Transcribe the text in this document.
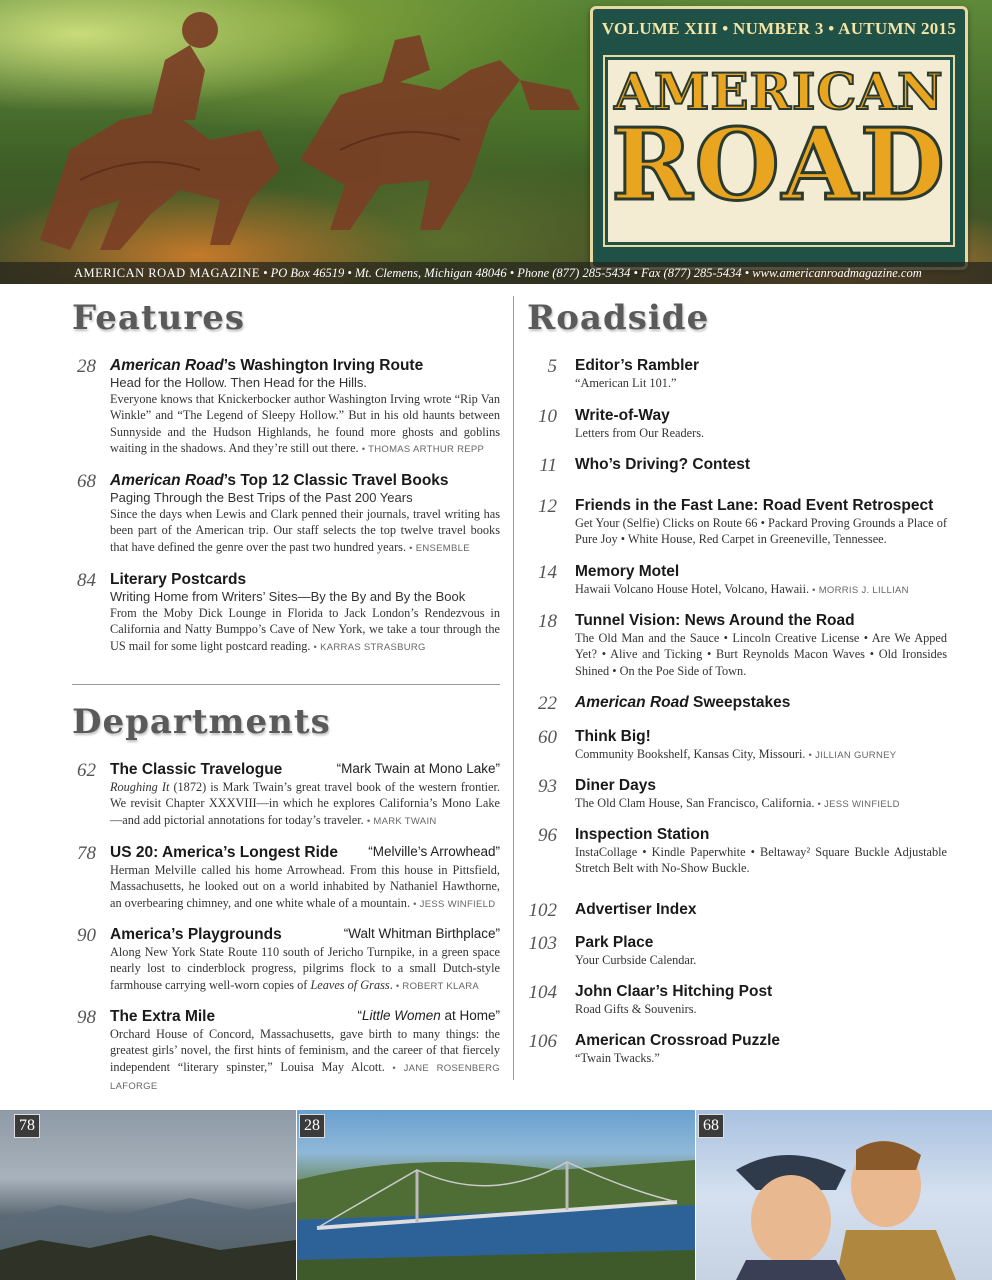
VOLUME XIII • NUMBER 3 • AUTUMN 2015
AMERICAN
ROAD
AMERICAN ROAD MAGAZINE • PO Box 46519 • Mt. Clemens, Michigan 48046 • Phone (877) 285-5434 • Fax (877) 285-5434 • www.americanroadmagazine.com
Features
28 American Road’s Washington Irving Route
Head for the Hollow. Then Head for the Hills.
Everyone knows that Knickerbocker author Washington Irving wrote “Rip Van Winkle” and “The Legend of Sleepy Hollow.” But in his old haunts between Sunnyside and the Hudson Highlands, he found more ghosts and goblins waiting in the shadows. And they’re still out there. • THOMAS ARTHUR REPP
68 American Road’s Top 12 Classic Travel Books
Paging Through the Best Trips of the Past 200 Years
Since the days when Lewis and Clark penned their journals, travel writing has been part of the American trip. Our staff selects the top twelve travel books that have defined the genre over the past two hundred years. • ENSEMBLE
84 Literary Postcards
Writing Home from Writers’ Sites—By the By and By the Book
From the Moby Dick Lounge in Florida to Jack London’s Rendezvous in California and Natty Bumppo’s Cave of New York, we take a tour through the US mail for some light postcard reading. • KARRAS STRASBURG
Departments
62 The Classic Travelogue	“Mark Twain at Mono Lake”
Roughing It (1872) is Mark Twain’s great travel book of the western frontier. We revisit Chapter XXXVIII—in which he explores California’s Mono Lake—and add pictorial annotations for today’s traveler. • MARK TWAIN
78 US 20: America’s Longest Ride	“Melville’s Arrowhead”
Herman Melville called his home Arrowhead. From this house in Pittsfield, Massachusetts, he looked out on a world inhabited by Nathaniel Hawthorne, an overbearing chimney, and one white whale of a mountain. • JESS WINFIELD
90 America’s Playgrounds	“Walt Whitman Birthplace”
Along New York State Route 110 south of Jericho Turnpike, in a green space nearly lost to cinderblock progress, pilgrims flock to a small Dutch-style farmhouse carrying well-worn copies of Leaves of Grass. • ROBERT KLARA
98 The Extra Mile	“Little Women at Home”
Orchard House of Concord, Massachusetts, gave birth to many things: the greatest girls’ novel, the first hints of feminism, and the career of that fiercely independent “literary spinster,” Louisa May Alcott. • JANE ROSENBERG LAFORGE
Roadside
5 Editor’s Rambler
“American Lit 101.”
10 Write-of-Way
Letters from Our Readers.
11 Who’s Driving? Contest
12 Friends in the Fast Lane: Road Event Retrospect
Get Your (Selfie) Clicks on Route 66 • Packard Proving Grounds a Place of Pure Joy • White House, Red Carpet in Greeneville, Tennessee.
14 Memory Motel
Hawaii Volcano House Hotel, Volcano, Hawaii. • MORRIS J. LILLIAN
18 Tunnel Vision: News Around the Road
The Old Man and the Sauce • Lincoln Creative License • Are We Apped Yet? • Alive and Ticking • Burt Reynolds Macon Waves • Old Ironsides Shined • On the Poe Side of Town.
22 American Road Sweepstakes
60 Think Big!
Community Bookshelf, Kansas City, Missouri. • JILLIAN GURNEY
93 Diner Days
The Old Clam House, San Francisco, California. • JESS WINFIELD
96 Inspection Station
InstaCollage • Kindle Paperwhite • Beltaway² Square Buckle Adjustable Stretch Belt with No-Show Buckle.
102 Advertiser Index
103 Park Place
Your Curbside Calendar.
104 John Claar’s Hitching Post
Road Gifts & Souvenirs.
106 American Crossroad Puzzle
“Twain Twacks.”
78	28	68
